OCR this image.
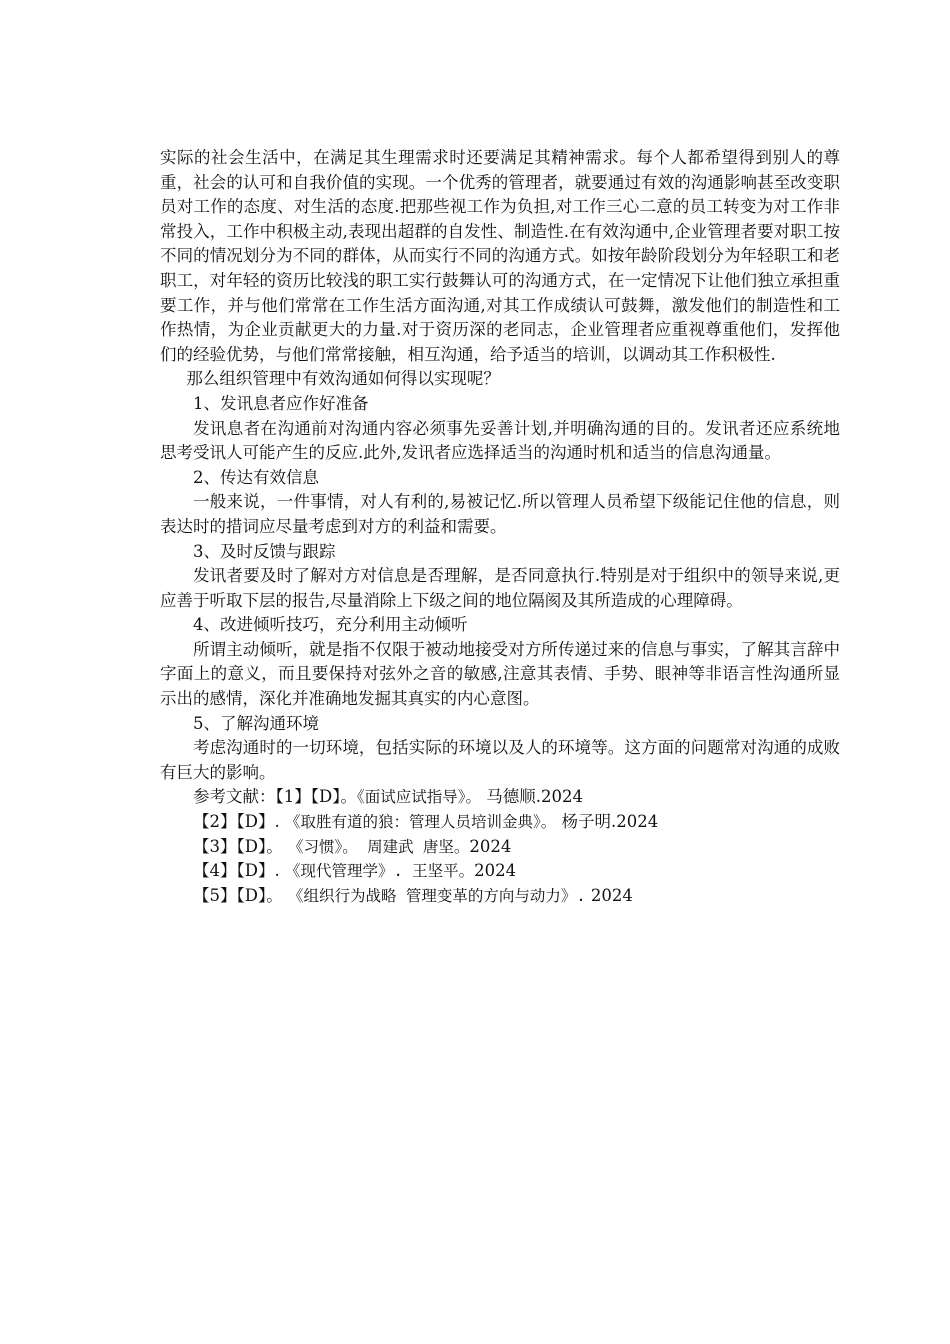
实际的社会生活中，在满足其生理需求时还要满足其精神需求。每个人都希望得到别人的尊重，社会的认可和自我价值的实现。一个优秀的管理者，就要通过有效的沟通影响甚至改变职员对工作的态度、对生活的态度.把那些视工作为负担,对工作三心二意的员工转变为对工作非常投入，工作中积极主动,表现出超群的自发性、制造性.在有效沟通中,企业管理者要对职工按不同的情况划分为不同的群体，从而实行不同的沟通方式。如按年龄阶段划分为年轻职工和老职工，对年轻的资历比较浅的职工实行鼓舞认可的沟通方式，在一定情况下让他们独立承担重要工作，并与他们常常在工作生活方面沟通,对其工作成绩认可鼓舞，激发他们的制造性和工作热情，为企业贡献更大的力量.对于资历深的老同志，企业管理者应重视尊重他们，发挥他们的经验优势，与他们常常接触，相互沟通，给予适当的培训，以调动其工作积极性.

那么组织管理中有效沟通如何得以实现呢？

1、发讯息者应作好准备

发讯息者在沟通前对沟通内容必须事先妥善计划,并明确沟通的目的。发讯者还应系统地思考受讯人可能产生的反应.此外,发讯者应选择适当的沟通时机和适当的信息沟通量。

2、传达有效信息

一般来说，一件事情，对人有利的,易被记忆.所以管理人员希望下级能记住他的信息，则表达时的措词应尽量考虑到对方的利益和需要。

3、及时反馈与跟踪

发讯者要及时了解对方对信息是否理解，是否同意执行.特别是对于组织中的领导来说,更应善于听取下层的报告,尽量消除上下级之间的地位隔阂及其所造成的心理障碍。

4、改进倾听技巧，充分利用主动倾听

所谓主动倾听，就是指不仅限于被动地接受对方所传递过来的信息与事实，了解其言辞中字面上的意义，而且要保持对弦外之音的敏感,注意其表情、手势、眼神等非语言性沟通所显示出的感情，深化并准确地发掘其真实的内心意图。

5、了解沟通环境

考虑沟通时的一切环境，包括实际的环境以及人的环境等。这方面的问题常对沟通的成败有巨大的影响。

参考文献：【1】【D】。《面试应试指导》。 马德顺.2024

【2】【D】. 《取胜有道的狼：管理人员培训金典》。 杨子明.2024

【3】【D】。 《习惯》。 周建武 唐坚。2024

【4】【D】. 《现代管理学》. 王坚平。2024

【5】【D】。 《组织行为战略 管理变革的方向与动力》. 2024
